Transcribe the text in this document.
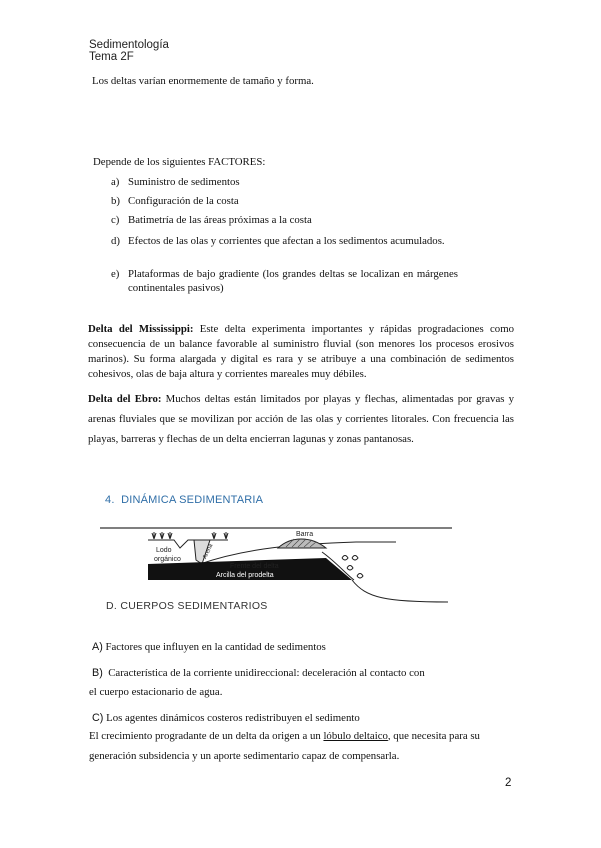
Sedimentología
Tema 2F
Los deltas varían enormemente de tamaño y forma.
Depende de los siguientes FACTORES:
a) Suministro de sedimentos
b) Configuración de la costa
c) Batimetría de las áreas próximas a la costa
d) Efectos de las olas y corrientes que afectan a los sedimentos acumulados.
e) Plataformas de bajo gradiente (los grandes deltas se localizan en márgenes continentales pasivos)
Delta del Mississippi: Este delta experimenta importantes y rápidas progradaciones como consecuencia de un balance favorable al suministro fluvial (son menores los procesos erosivos marinos). Su forma alargada y digital es rara y se atribuye a una combinación de sedimentos cohesivos, olas de baja altura y corrientes mareales muy débiles.
Delta del Ebro: Muchos deltas están limitados por playas y flechas, alimentadas por gravas y arenas fluviales que se movilizan por acción de las olas y corrientes litorales. Con frecuencia las playas, barreras y flechas de un delta encierran lagunas y zonas pantanosas.
4. DINÁMICA SEDIMENTARIA
Lodo
orgánico	Arena
Barra
Frente del delta
Arcilla del prodelta
D. CUERPOS SEDIMENTARIOS
A) Factores que influyen en la cantidad de sedimentos
B)  Característica de la corriente unidireccional: deceleración al contacto con
el cuerpo estacionario de agua.
C) Los agentes dinámicos costeros redistribuyen el sedimento
El crecimiento progradante de un delta da origen a un lóbulo deltaico, que necesita para su
generación subsidencia y un aporte sedimentario capaz de compensarla.
2
